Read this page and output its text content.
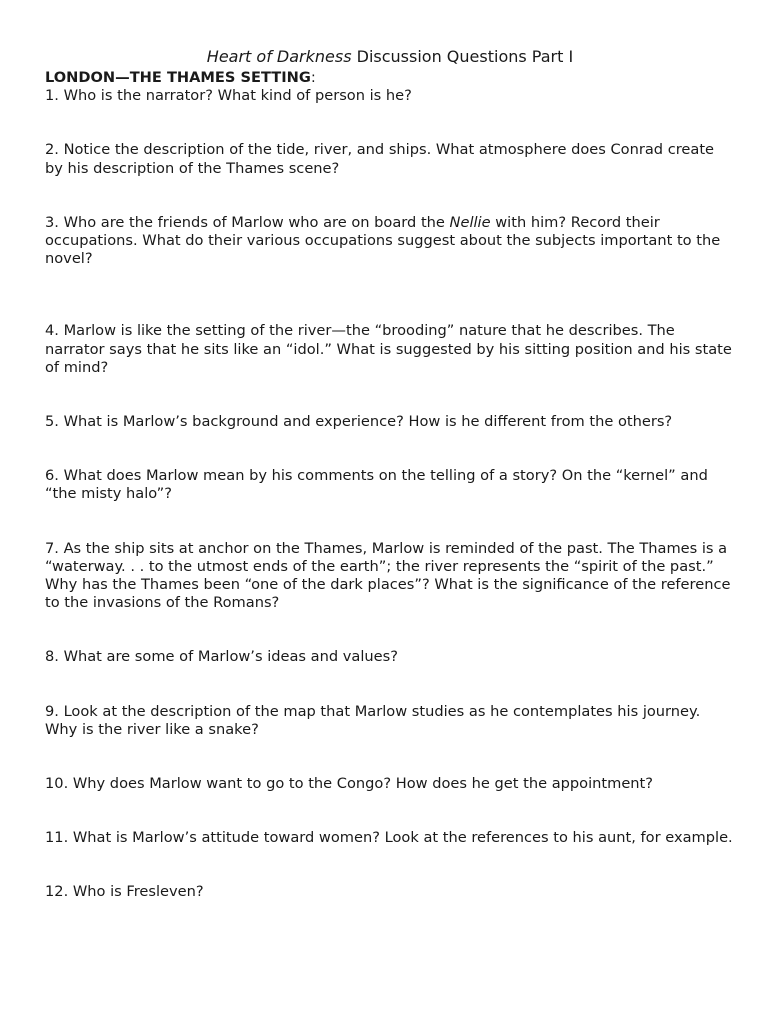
Heart of Darkness Discussion Questions Part I
LONDON—THE THAMES SETTING:

1. Who is the narrator? What kind of person is he?

2. Notice the description of the tide, river, and ships. What atmosphere does Conrad create by his description of the Thames scene?

3. Who are the friends of Marlow who are on board the Nellie with him? Record their occupations. What do their various occupations suggest about the subjects important to the novel?

4. Marlow is like the setting of the river—the “brooding” nature that he describes. The narrator says that he sits like an “idol.” What is suggested by his sitting position and his state of mind?

5. What is Marlow’s background and experience? How is he different from the others?

6. What does Marlow mean by his comments on the telling of a story? On the “kernel” and “the misty halo”?

7. As the ship sits at anchor on the Thames, Marlow is reminded of the past. The Thames is a “waterway. . . to the utmost ends of the earth”; the river represents the “spirit of the past.”
Why has the Thames been “one of the dark places”? What is the significance of the reference to the invasions of the Romans?

8. What are some of Marlow’s ideas and values?

9. Look at the description of the map that Marlow studies as he contemplates his journey. Why is the river like a snake?

10. Why does Marlow want to go to the Congo? How does he get the appointment?

11. What is Marlow’s attitude toward women? Look at the references to his aunt, for example.

12. Who is Fresleven?
